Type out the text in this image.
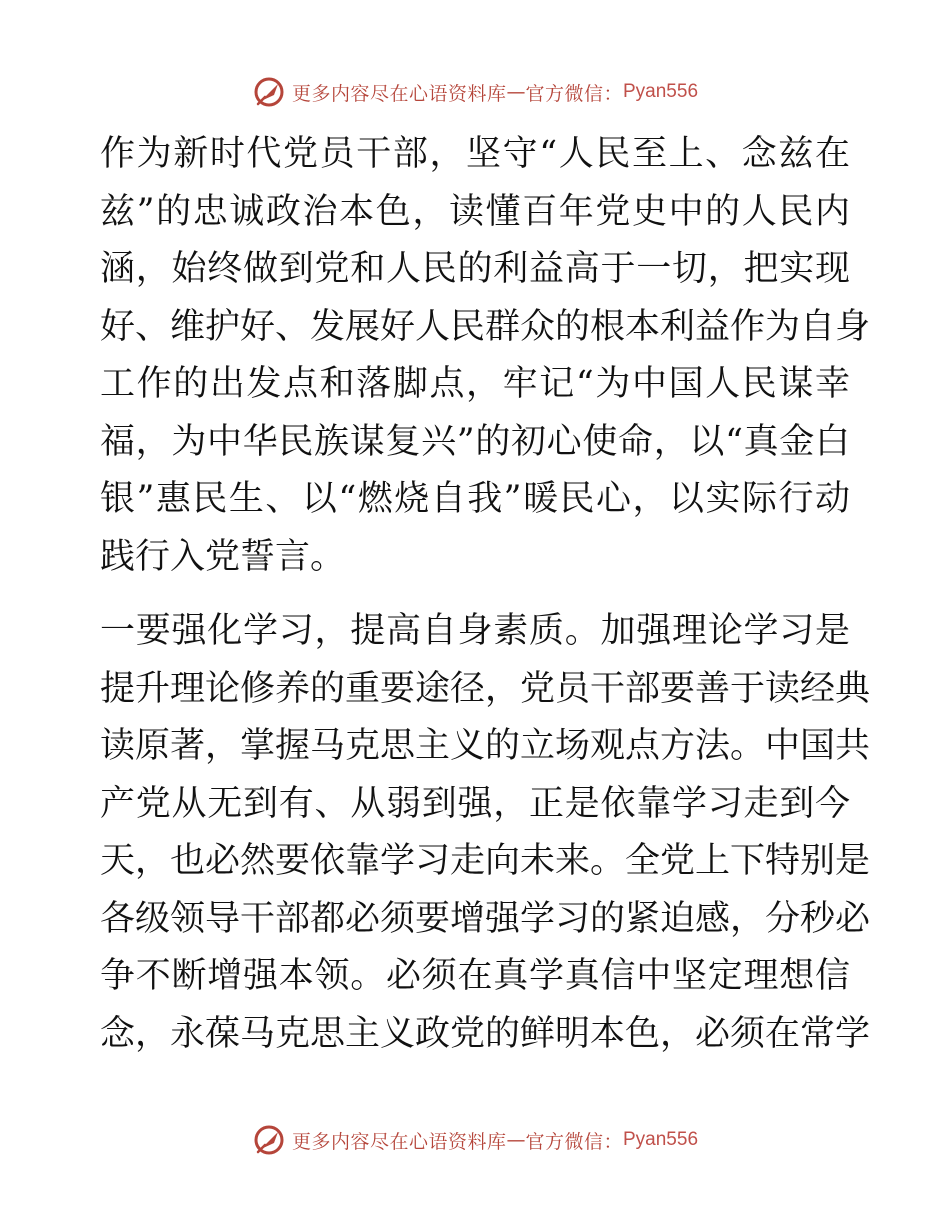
更多内容尽在心语资料库 — 官方微信： Pyan556
作为新时代党员干部，坚守“人民至上、念兹在
兹”的忠诚政治本色，读懂百年党史中的人民内
涵，始终做到党和人民的利益高于一切，把实现
好、维护好、发展好人民群众的根本利益作为自身
工作的出发点和落脚点，牢记“为中国人民谋幸
福，为中华民族谋复兴”的初心使命，以“真金白
银”惠民生、以“燃烧自我”暖民心，以实际行动
践行入党誓言。
一要强化学习，提高自身素质。加强理论学习是
提升理论修养的重要途径，党员干部要善于读经典
读原著，掌握马克思主义的立场观点方法。中国共
产党从无到有、从弱到强，正是依靠学习走到今
天，也必然要依靠学习走向未来。全党上下特别是
各级领导干部都必须要增强学习的紧迫感，分秒必
争不断增强本领。必须在真学真信中坚定理想信
念，永葆马克思主义政党的鲜明本色，必须在常学
更多内容尽在心语资料库 — 官方微信： Pyan556
